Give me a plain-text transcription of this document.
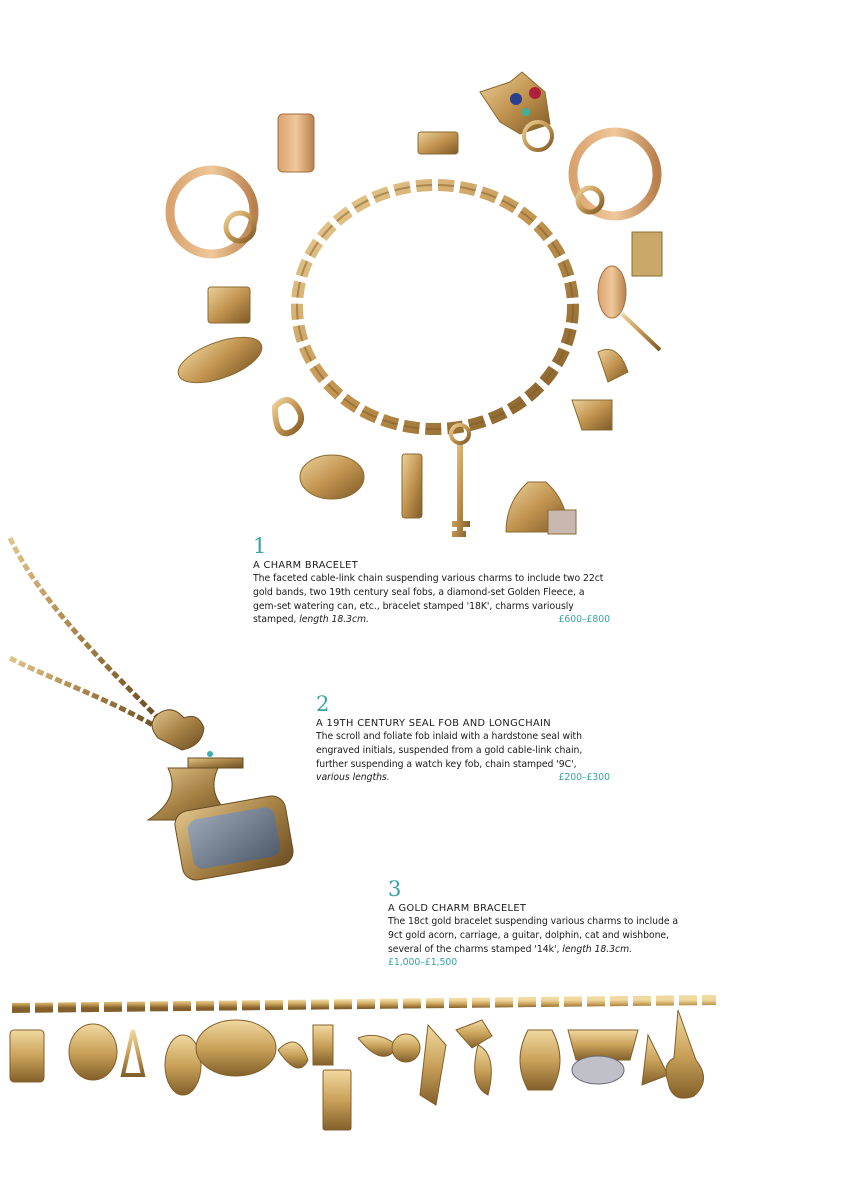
1
A CHARM BRACELET
The faceted cable-link chain suspending various charms to include two 22ct gold bands, two 19th century seal fobs, a diamond-set Golden Fleece, a gem-set watering can, etc., bracelet stamped '18K', charms variously stamped, length 18.3cm.	£600–£800
2
A 19TH CENTURY SEAL FOB AND LONGCHAIN
The scroll and foliate fob inlaid with a hardstone seal with engraved initials, suspended from a gold cable-link chain, further suspending a watch key fob, chain stamped '9C', various lengths.	£200–£300
3
A GOLD CHARM BRACELET
The 18ct gold bracelet suspending various charms to include a 9ct gold acorn, carriage, a guitar, dolphin, cat and wishbone, several of the charms stamped '14k', length 18.3cm.
£1,000–£1,500
